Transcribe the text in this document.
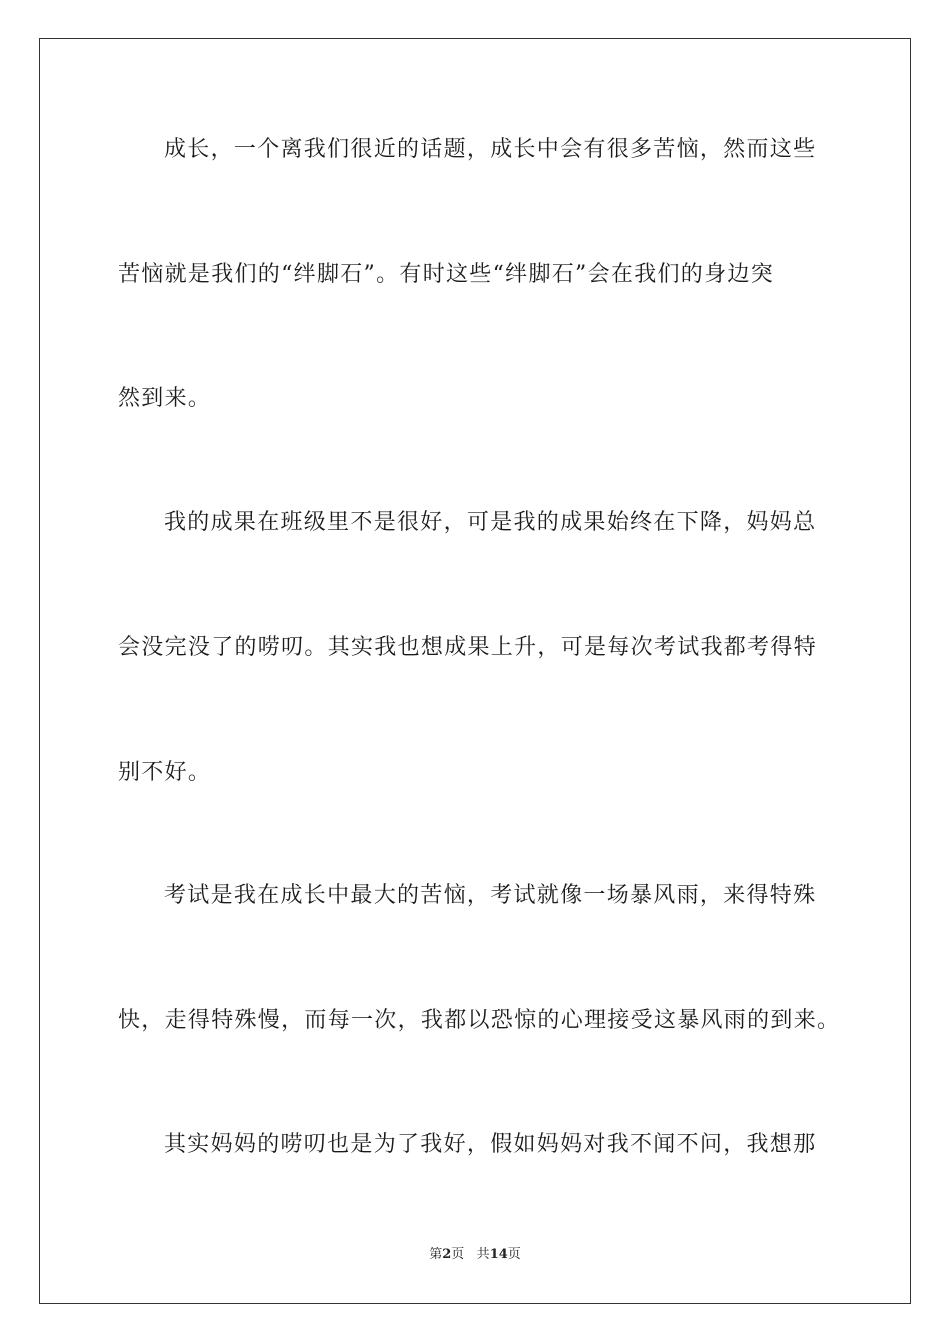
成长，一个离我们很近的话题，成长中会有很多苦恼，然而这些
苦恼就是我们的“绊脚石”。有时这些“绊脚石”会在我们的身边突
然到来。
我的成果在班级里不是很好，可是我的成果始终在下降，妈妈总
会没完没了的唠叨。其实我也想成果上升，可是每次考试我都考得特
别不好。
考试是我在成长中最大的苦恼，考试就像一场暴风雨，来得特殊
快，走得特殊慢，而每一次，我都以恐惊的心理接受这暴风雨的到来。
其实妈妈的唠叨也是为了我好，假如妈妈对我不闻不问，我想那
第2页 共14页
